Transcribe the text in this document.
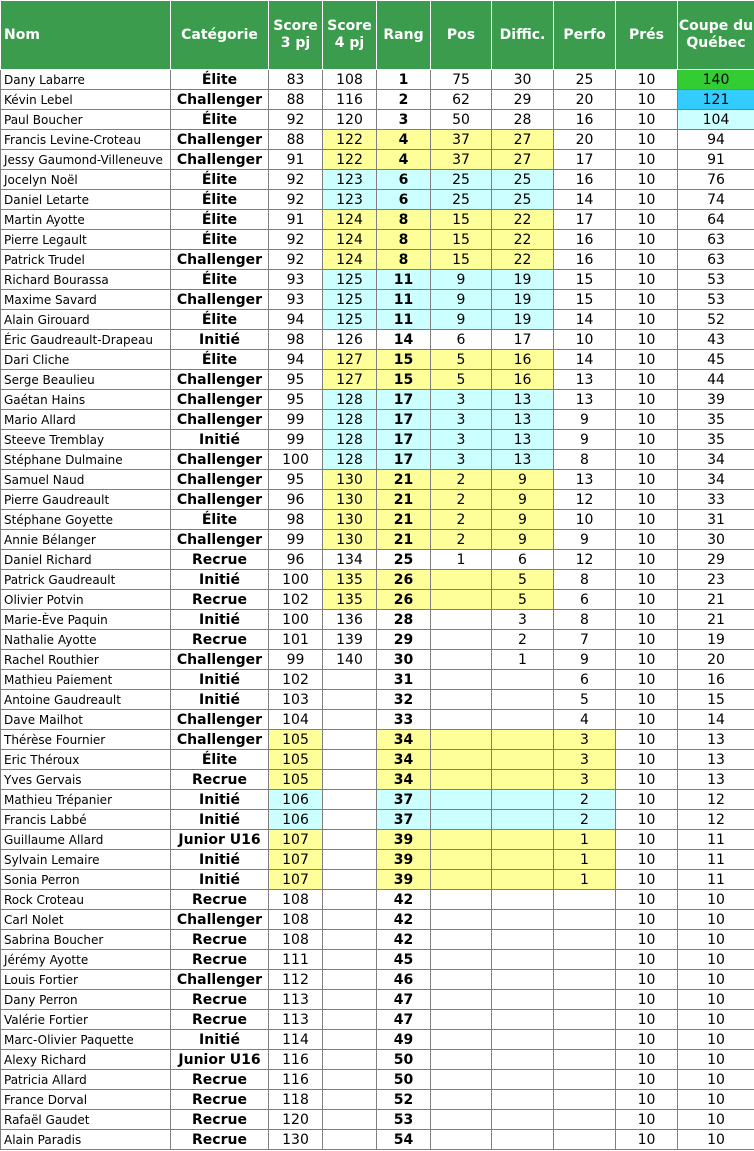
Nom	Catégorie	Score 3 pj	Score 4 pj	Rang	Pos	Diffic.	Perfo	Prés	Coupe du Québec
Dany Labarre	Élite	83	108	1	75	30	25	10	140
Kévin Lebel	Challenger	88	116	2	62	29	20	10	121
Paul Boucher	Élite	92	120	3	50	28	16	10	104
Francis Levine-Croteau	Challenger	88	122	4	37	27	20	10	94
Jessy Gaumond-Villeneuve	Challenger	91	122	4	37	27	17	10	91
Jocelyn Noël	Élite	92	123	6	25	25	16	10	76
Daniel Letarte	Élite	92	123	6	25	25	14	10	74
Martin Ayotte	Élite	91	124	8	15	22	17	10	64
Pierre Legault	Élite	92	124	8	15	22	16	10	63
Patrick Trudel	Challenger	92	124	8	15	22	16	10	63
Richard Bourassa	Élite	93	125	11	9	19	15	10	53
Maxime Savard	Challenger	93	125	11	9	19	15	10	53
Alain Girouard	Élite	94	125	11	9	19	14	10	52
Éric Gaudreault-Drapeau	Initié	98	126	14	6	17	10	10	43
Dari Cliche	Élite	94	127	15	5	16	14	10	45
Serge Beaulieu	Challenger	95	127	15	5	16	13	10	44
Gaétan Hains	Challenger	95	128	17	3	13	13	10	39
Mario Allard	Challenger	99	128	17	3	13	9	10	35
Steeve Tremblay	Initié	99	128	17	3	13	9	10	35
Stéphane Dulmaine	Challenger	100	128	17	3	13	8	10	34
Samuel Naud	Challenger	95	130	21	2	9	13	10	34
Pierre Gaudreault	Challenger	96	130	21	2	9	12	10	33
Stéphane Goyette	Élite	98	130	21	2	9	10	10	31
Annie Bélanger	Challenger	99	130	21	2	9	9	10	30
Daniel Richard	Recrue	96	134	25	1	6	12	10	29
Patrick Gaudreault	Initié	100	135	26		5	8	10	23
Olivier Potvin	Recrue	102	135	26		5	6	10	21
Marie-Ève Paquin	Initié	100	136	28		3	8	10	21
Nathalie Ayotte	Recrue	101	139	29		2	7	10	19
Rachel Routhier	Challenger	99	140	30		1	9	10	20
Mathieu Paiement	Initié	102		31			6	10	16
Antoine Gaudreault	Initié	103		32			5	10	15
Dave Mailhot	Challenger	104		33			4	10	14
Thérèse Fournier	Challenger	105		34			3	10	13
Eric Théroux	Élite	105		34			3	10	13
Yves Gervais	Recrue	105		34			3	10	13
Mathieu Trépanier	Initié	106		37			2	10	12
Francis Labbé	Initié	106		37			2	10	12
Guillaume Allard	Junior U16	107		39			1	10	11
Sylvain Lemaire	Initié	107		39			1	10	11
Sonia Perron	Initié	107		39			1	10	11
Rock Croteau	Recrue	108		42				10	10
Carl Nolet	Challenger	108		42				10	10
Sabrina Boucher	Recrue	108		42				10	10
Jérémy Ayotte	Recrue	111		45				10	10
Louis Fortier	Challenger	112		46				10	10
Dany Perron	Recrue	113		47				10	10
Valérie Fortier	Recrue	113		47				10	10
Marc-Olivier Paquette	Initié	114		49				10	10
Alexy Richard	Junior U16	116		50				10	10
Patricia Allard	Recrue	116		50				10	10
France Dorval	Recrue	118		52				10	10
Rafaël Gaudet	Recrue	120		53				10	10
Alain Paradis	Recrue	130		54				10	10
